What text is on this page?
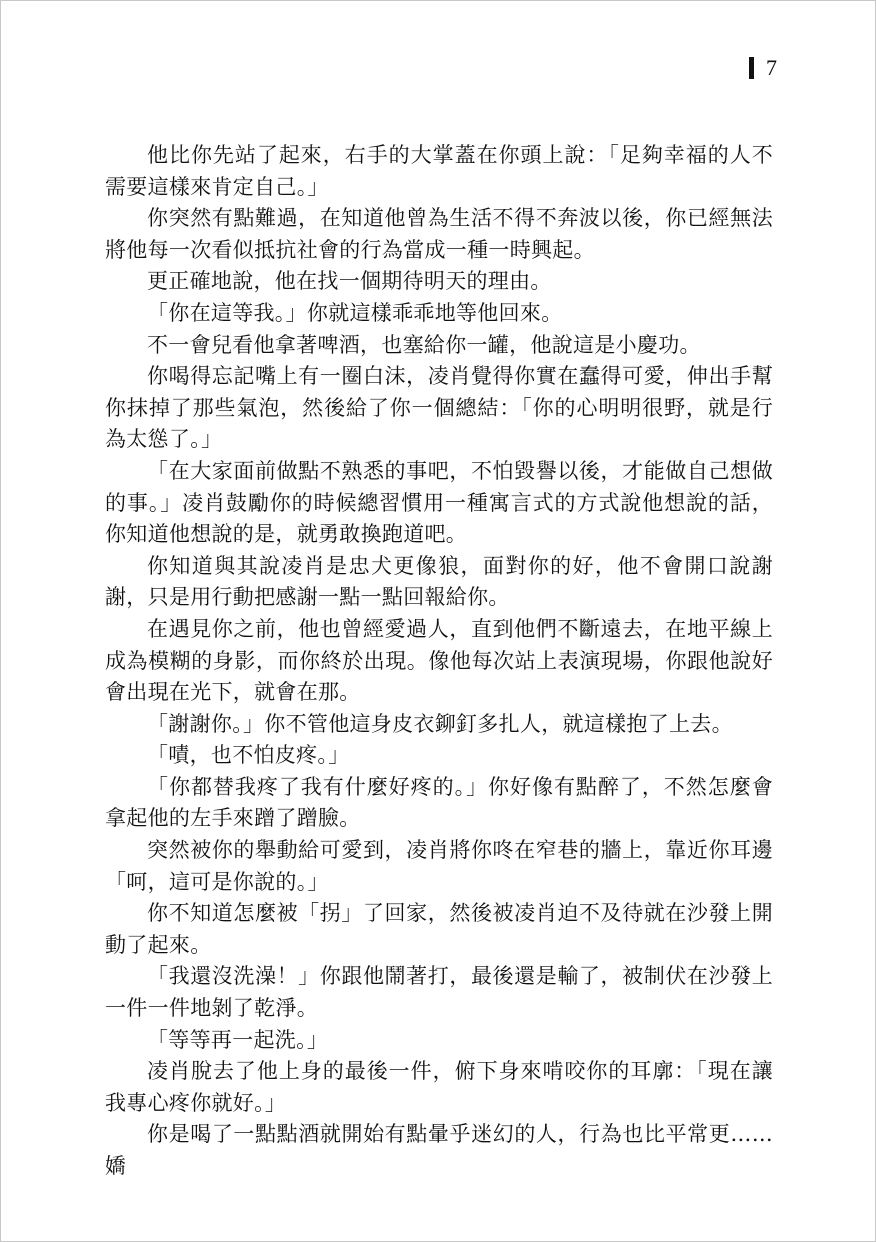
7

他比你先站了起來，右手的大掌蓋在你頭上說：「足夠幸福的人不需要這樣來肯定自己。」

你突然有點難過，在知道他曾為生活不得不奔波以後，你已經無法將他每一次看似抵抗社會的行為當成一種一時興起。

更正確地說，他在找一個期待明天的理由。

「你在這等我。」你就這樣乖乖地等他回來。

不一會兒看他拿著啤酒，也塞給你一罐，他說這是小慶功。

你喝得忘記嘴上有一圈白沫，凌肖覺得你實在蠢得可愛，伸出手幫你抹掉了那些氣泡，然後給了你一個總結：「你的心明明很野，就是行為太慫了。」

「在大家面前做點不熟悉的事吧，不怕毀譽以後，才能做自己想做的事。」凌肖鼓勵你的時候總習慣用一種寓言式的方式說他想說的話，你知道他想說的是，就勇敢換跑道吧。

你知道與其說凌肖是忠犬更像狼，面對你的好，他不會開口說謝謝，只是用行動把感謝一點一點回報給你。

在遇見你之前，他也曾經愛過人，直到他們不斷遠去，在地平線上成為模糊的身影，而你終於出現。像他每次站上表演現場，你跟他說好會出現在光下，就會在那。

「謝謝你。」你不管他這身皮衣鉚釘多扎人，就這樣抱了上去。

「嘖，也不怕皮疼。」

「你都替我疼了我有什麼好疼的。」你好像有點醉了，不然怎麼會拿起他的左手來蹭了蹭臉。

突然被你的舉動給可愛到，凌肖將你咚在窄巷的牆上，靠近你耳邊「呵，這可是你說的。」

你不知道怎麼被「拐」了回家，然後被凌肖迫不及待就在沙發上開動了起來。

「我還沒洗澡！」你跟他鬧著打，最後還是輸了，被制伏在沙發上一件一件地剝了乾淨。

「等等再一起洗。」

凌肖脫去了他上身的最後一件，俯下身來啃咬你的耳廓：「現在讓我專心疼你就好。」

你是喝了一點點酒就開始有點暈乎迷幻的人，行為也比平常更……嬌
